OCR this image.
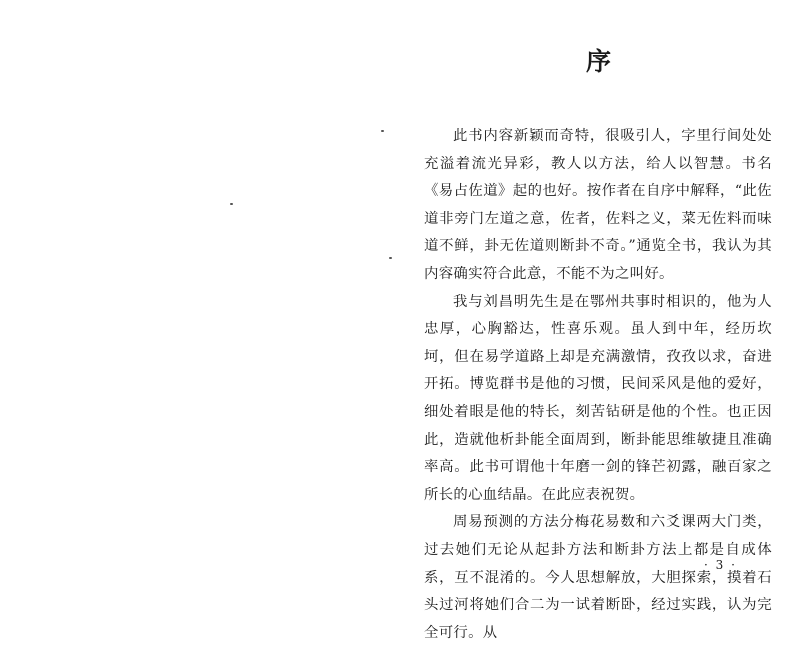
序

此书内容新颖而奇特，很吸引人，字里行间处处充溢着流光异彩，教人以方法，给人以智慧。书名《易占佐道》起的也好。按作者在自序中解释，“此佐道非旁门左道之意，佐者，佐料之义，菜无佐料而味道不鲜，卦无佐道则断卦不奇。”通览全书，我认为其内容确实符合此意，不能不为之叫好。

我与刘昌明先生是在鄂州共事时相识的，他为人忠厚，心胸豁达，性喜乐观。虽人到中年，经历坎坷，但在易学道路上却是充满激情，孜孜以求，奋进开拓。博览群书是他的习惯，民间采风是他的爱好，细处着眼是他的特长，刻苦钻研是他的个性。也正因此，造就他析卦能全面周到，断卦能思维敏捷且准确率高。此书可谓他十年磨一剑的锋芒初露，融百家之所长的心血结晶。在此应表祝贺。

周易预测的方法分梅花易数和六爻课两大门类，过去她们无论从起卦方法和断卦方法上都是自成体系，互不混淆的。今人思想解放，大胆探索，摸着石头过河将她们合二为一试着断卧，经过实践，认为完全可行。从

· 3 ·
